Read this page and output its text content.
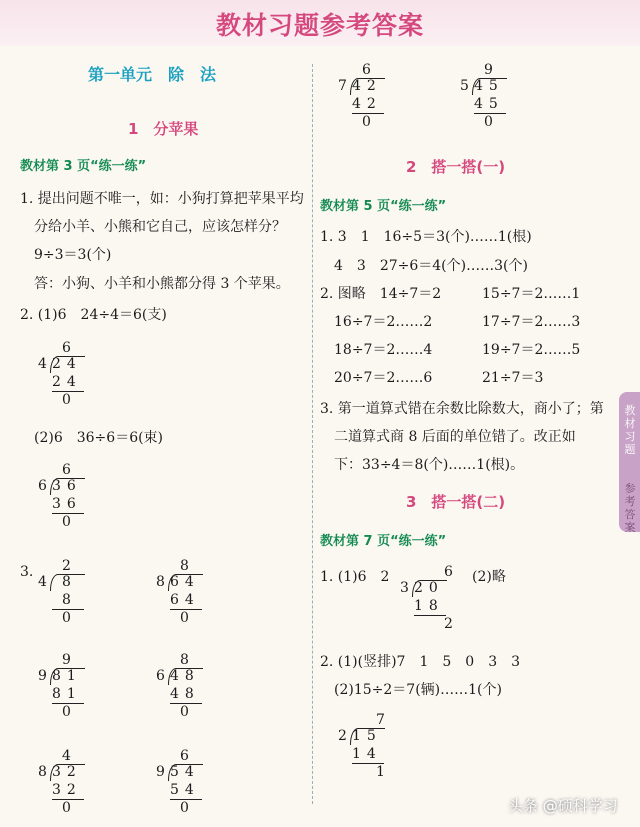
教材习题参考答案
第一单元　除　法
1　分苹果
教材第 3 页“练一练”
1. 提出问题不唯一，如：小狗打算把苹果平均
分给小羊、小熊和它自己，应该怎样分？
9÷3＝3(个)
答：小狗、小羊和小熊都分得 3 个苹果。
2. (1)6　24÷4＝6(支)
(2)6　36÷6＝6(束)
3.
6
4 24
24
0
6
6 36
36
0
2
4 8
8
0
8
8 64
64
0
9
9 81
81
0
8
6 48
48
0
4
8 32
32
0
6
9 54
54
0
6
7 42
42
0
9
5 45
45
0
2　搭一搭(一)
教材第 5 页“练一练”
1. 3　1　16÷5＝3(个)……1(根)
4　3　27÷6＝4(个)……3(个)
2. 图略　14÷7＝2	15÷7＝2……1
16÷7＝2……2	17÷7＝2……3
18÷7＝2……4	19÷7＝2……5
20÷7＝2……6	21÷7＝3
3. 第一道算式错在余数比除数大，商小了；第
二道算式商 8 后面的单位错了。改正如
下：33÷4＝8(个)……1(根)。
3　搭一搭(二)
教材第 7 页“练一练”
1. (1)6　2	(2)略
6
3 20
18
2
2. (1)(竖排)7　1　5　0　3　3
(2)15÷2＝7(辆)……1(个)
7
2 15
14
1
教材习题
参考答案
头条 @硕科学习
